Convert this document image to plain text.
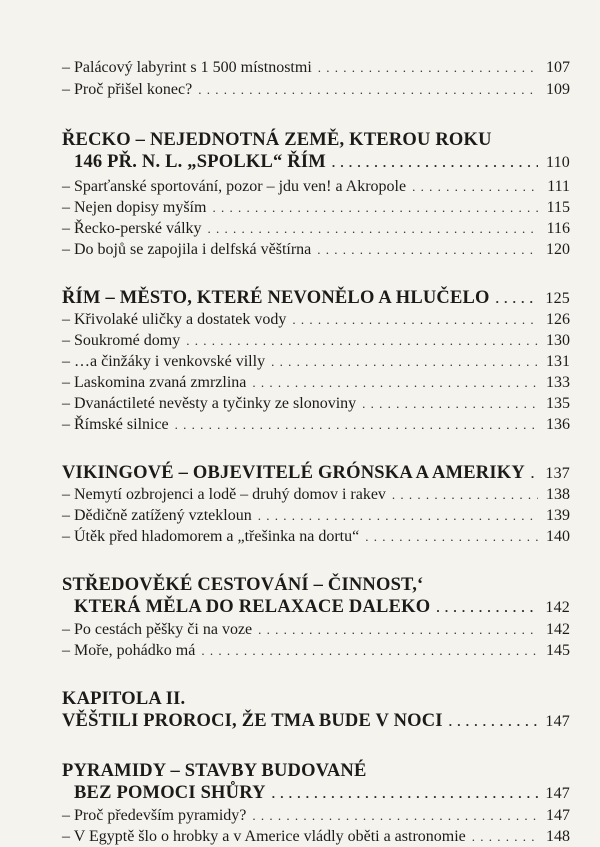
– Palácový labyrint s 1 500 místnostmi . . .	107
– Proč přišel konec? . . .	109
ŘECKO – NEJEDNOTNÁ ZEMĚ, KTEROU ROKU
146 PŘ. N. L. „SPOLKL“ ŘÍM . . .	110
– Sparťanské sportování, pozor – jdu ven! a Akropole . . .	111
– Nejen dopisy myším . . .	115
– Řecko-perské války . . .	116
– Do bojů se zapojila i delfská věštírna . . .	120
ŘÍM – MĚSTO, KTERÉ NEVONĚLO A HLUČELO . . .	125
– Křivolaké uličky a dostatek vody . . .	126
– Soukromé domy . . .	130
– …a činžáky i venkovské villy . . .	131
– Laskomina zvaná zmrzlina . . .	133
– Dvanáctileté nevěsty a tyčinky ze slonoviny . . .	135
– Římské silnice . . .	136
VIKINGOVÉ – OBJEVITELÉ GRÓNSKA A AMERIKY . . . 137
– Nemytí ozbrojenci a lodě – druhý domov i rakev . . .	138
– Dědičně zatížený vztekloun . . .	139
– Útěk před hladomorem a „třešinka na dortu“ . . .	140
STŘEDOVĚKÉ CESTOVÁNÍ – ČINNOST,‘
KTERÁ MĚLA DO RELAXACE DALEKO . . .	142
– Po cestách pěšky či na voze . . .	142
– Moře, pohádko má . . .	145
KAPITOLA II.
VĚŠTILI PROROCI, ŽE TMA BUDE V NOCI . . .	147
PYRAMIDY – STAVBY BUDOVANÉ
BEZ POMOCI SHŮRY . . .	147
– Proč především pyramidy? . . .	147
– V Egyptě šlo o hrobky a v Americe vládly oběti a astronomie . . .	148
